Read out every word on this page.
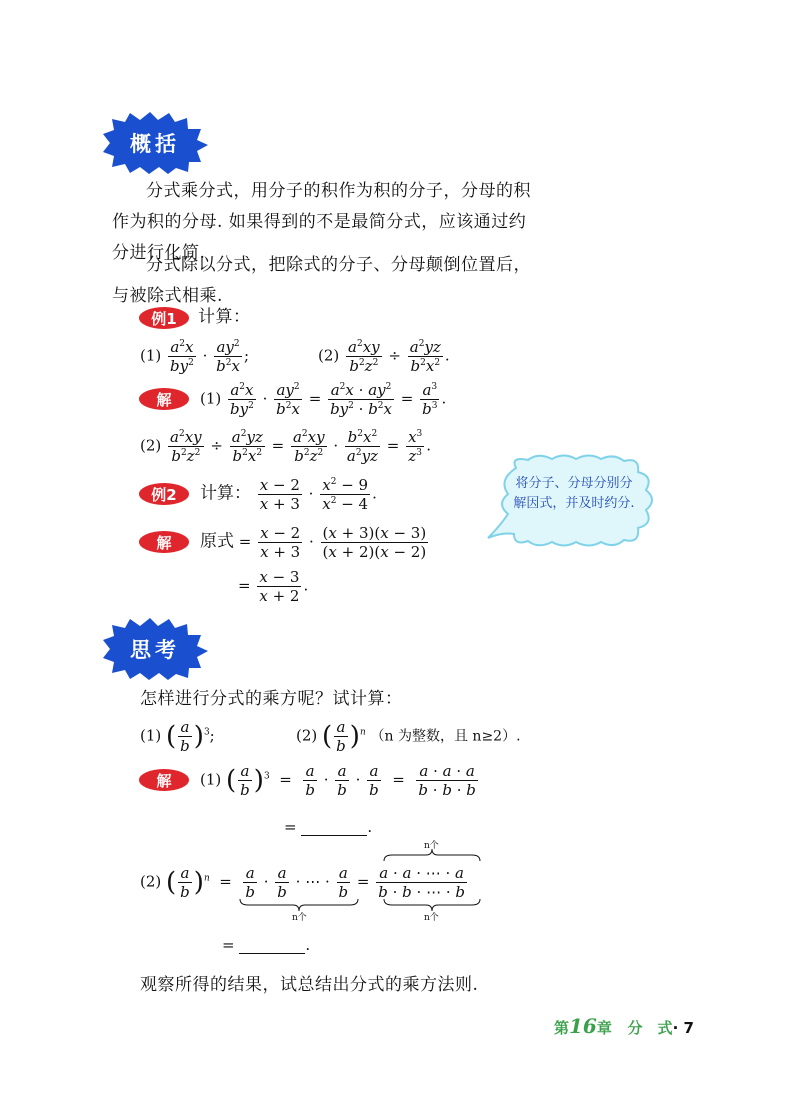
概括
分式乘分式，用分子的积作为积的分子，分母的积作为积的分母. 如果得到的不是最简分式，应该通过约分进行化简.
分式除以分式，把除式的分子、分母颠倒位置后，与被除式相乘.
例1	计算：
$(1) \frac{a^2x}{by^2} \cdot \frac{ay^2}{b^2x}$ ;	$(2) \frac{a^2xy}{b^2z^2} \div \frac{a^2yz}{b^2x^2}$ .
解	$(1) \frac{a^2x}{by^2} \cdot \frac{ay^2}{b^2x} = \frac{a^2x \cdot ay^2}{by^2 \cdot b^2x} = \frac{a^3}{b^3}$ .
$(2) \frac{a^2xy}{b^2z^2} \div \frac{a^2yz}{b^2x^2} = \frac{a^2xy}{b^2z^2} \cdot \frac{b^2x^2}{a^2yz} = \frac{x^3}{z^3}$ .
例2	计算： $\frac{x - 2}{x + 3} \cdot \frac{x^2 - 9}{x^2 - 4}$ .
解	原式 = $\frac{x - 2}{x + 3} \cdot \frac{(x + 3)(x - 3)}{(x + 2)(x - 2)}$
= $\frac{x - 3}{x + 2}$ .
将分子、分母分别分解因式，并及时约分.
思考
怎样进行分式的乘方呢？试计算：
(1) ( $\frac{a}{b} )^3$;	(2) ( $\frac{a}{b} )^n$ （n 为整数，且 n≥2）.
解	(1) ( $\frac{a}{b} )^3 = \frac{a}{b} \cdot \frac{a}{b} \cdot \frac{a}{b} = \frac{a \cdot a \cdot a}{b \cdot b \cdot b}$
=	.
n个
(2) ( $\frac{a}{b} )^n = \frac{a}{b} \cdot \frac{a}{b}$ · ⋯ · $\frac{a}{b} = \frac{a \cdot a \cdot \cdots \cdot a}{b \cdot b \cdot \cdots \cdot b}$
n个	n个
=	.
观察所得的结果，试总结出分式的乘方法则.
第16章 分　式· 7
